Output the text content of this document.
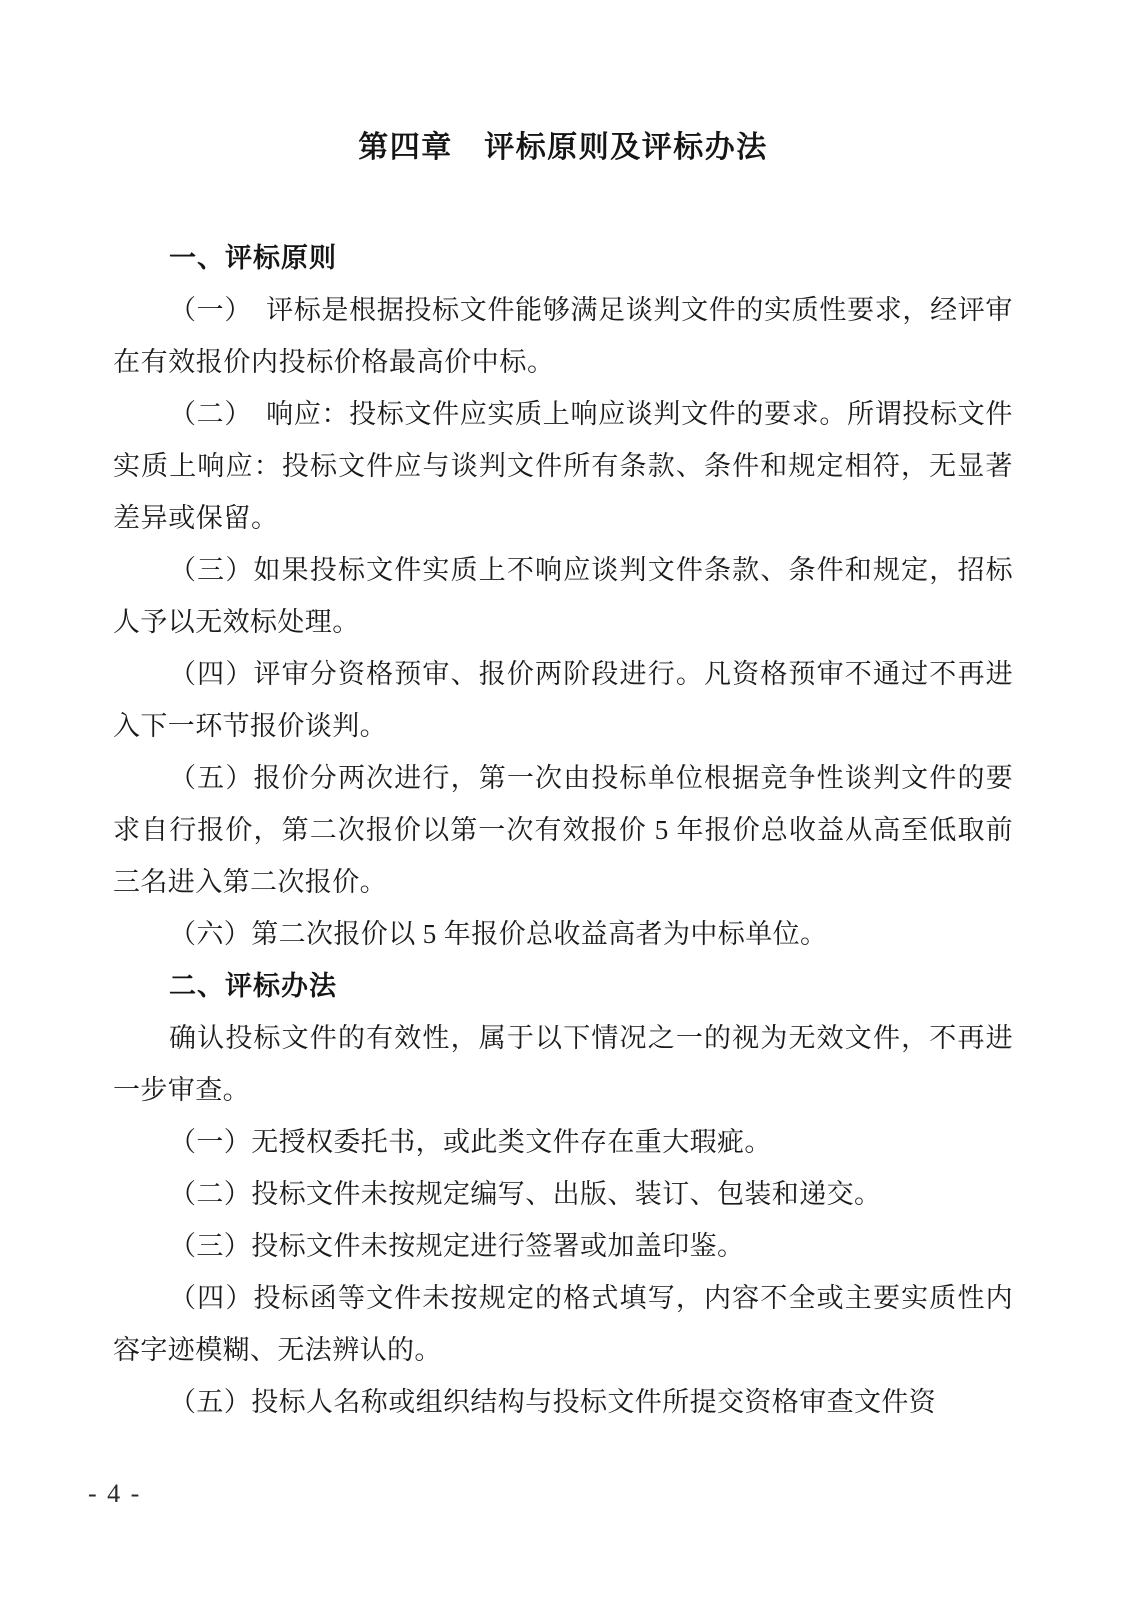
第四章　评标原则及评标办法

一、评标原则

（一）　评标是根据投标文件能够满足谈判文件的实质性要求，经评审在有效报价内投标价格最高价中标。

（二）　响应：投标文件应实质上响应谈判文件的要求。所谓投标文件实质上响应：投标文件应与谈判文件所有条款、条件和规定相符，无显著差异或保留。

（三）如果投标文件实质上不响应谈判文件条款、条件和规定，招标人予以无效标处理。

（四）评审分资格预审、报价两阶段进行。凡资格预审不通过不再进入下一环节报价谈判。

（五）报价分两次进行，第一次由投标单位根据竞争性谈判文件的要求自行报价，第二次报价以第一次有效报价 5 年报价总收益从高至低取前三名进入第二次报价。

（六）第二次报价以 5 年报价总收益高者为中标单位。

二、评标办法

确认投标文件的有效性，属于以下情况之一的视为无效文件，不再进一步审查。

（一）无授权委托书，或此类文件存在重大瑕疵。

（二）投标文件未按规定编写、出版、装订、包装和递交。

（三）投标文件未按规定进行签署或加盖印鉴。

（四）投标函等文件未按规定的格式填写，内容不全或主要实质性内容字迹模糊、无法辨认的。

（五）投标人名称或组织结构与投标文件所提交资格审查文件资

- 4 -
